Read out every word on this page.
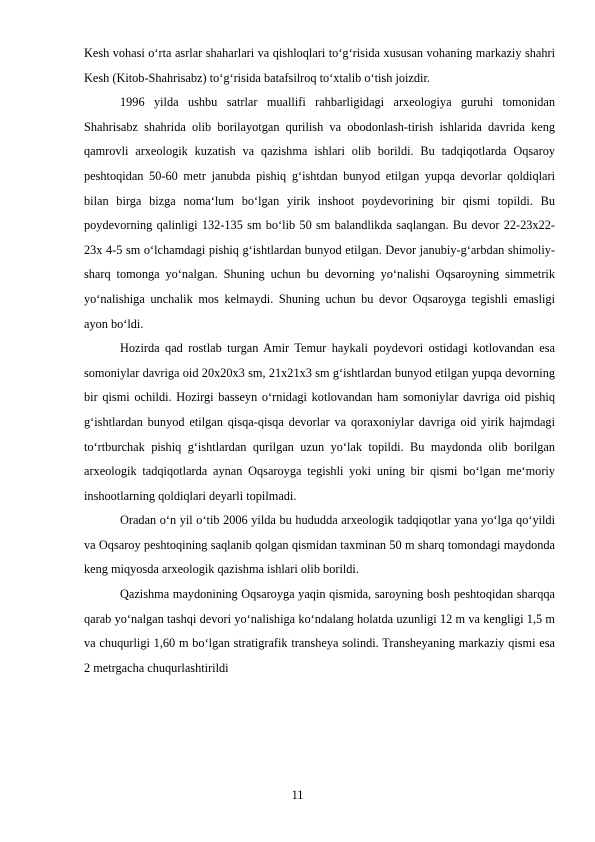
Kesh vohasi o‘rta asrlar shaharlari va qishloqlari to‘g‘risida xususan vohaning markaziy shahri Kesh (Kitob-Shahrisabz) to‘g‘risida batafsilroq to‘xtalib o‘tish joizdir.

1996 yilda ushbu satrlar muallifi rahbarligidagi arxeologiya guruhi tomonidan Shahrisabz shahrida olib borilayotgan qurilish va obodonlash-tirish ishlarida davrida keng qamrovli arxeologik kuzatish va qazishma ishlari olib borildi. Bu tadqiqotlarda Oqsaroy peshtoqidan 50-60 metr janubda pishiq g‘ishtdan bunyod etilgan yupqa devorlar qoldiqlari bilan birga bizga noma‘lum bo‘lgan yirik inshoot poydevorining bir qismi topildi. Bu poydevorning qalinligi 132-135 sm bo‘lib 50 sm balandlikda saqlangan. Bu devor 22-23x22-23x 4-5 sm o‘lchamdagi pishiq g‘ishtlardan bunyod etilgan. Devor janubiy-g‘arbdan shimoliy-sharq tomonga yo‘nalgan. Shuning uchun bu devorning yo‘nalishi Oqsaroyning simmetrik yo‘nalishiga unchalik mos kelmaydi. Shuning uchun bu devor Oqsaroyga tegishli emasligi ayon bo‘ldi.

Hozirda qad rostlab turgan Amir Temur haykali poydevori ostidagi kotlovandan esa somoniylar davriga oid 20x20x3 sm, 21x21x3 sm g‘ishtlardan bunyod etilgan yupqa devorning bir qismi ochildi. Hozirgi basseyn o‘rnidagi kotlovandan ham somoniylar davriga oid pishiq g‘ishtlardan bunyod etilgan qisqa-qisqa devorlar va qoraxoniylar davriga oid yirik hajmdagi to‘rtburchak pishiq g‘ishtlardan qurilgan uzun yo‘lak topildi. Bu maydonda olib borilgan arxeologik tadqiqotlarda aynan Oqsaroyga tegishli yoki uning bir qismi bo‘lgan me‘moriy inshootlarning qoldiqlari deyarli topilmadi.

Oradan o‘n yil o‘tib 2006 yilda bu hududda arxeologik tadqiqotlar yana yo‘lga qo‘yildi va Oqsaroy peshtoqining saqlanib qolgan qismidan taxminan 50 m sharq tomondagi maydonda keng miqyosda arxeologik qazishma ishlari olib borildi.

Qazishma maydonining Oqsaroyga yaqin qismida, saroyning bosh peshtoqidan sharqqa qarab yo‘nalgan tashqi devori yo‘nalishiga ko‘ndalang holatda uzunligi 12 m va kengligi 1,5 m va chuqurligi 1,60 m bo‘lgan stratigrafik transheya solindi. Transheyaning markaziy qismi esa 2 metrgacha chuqurlashtirildi

11
